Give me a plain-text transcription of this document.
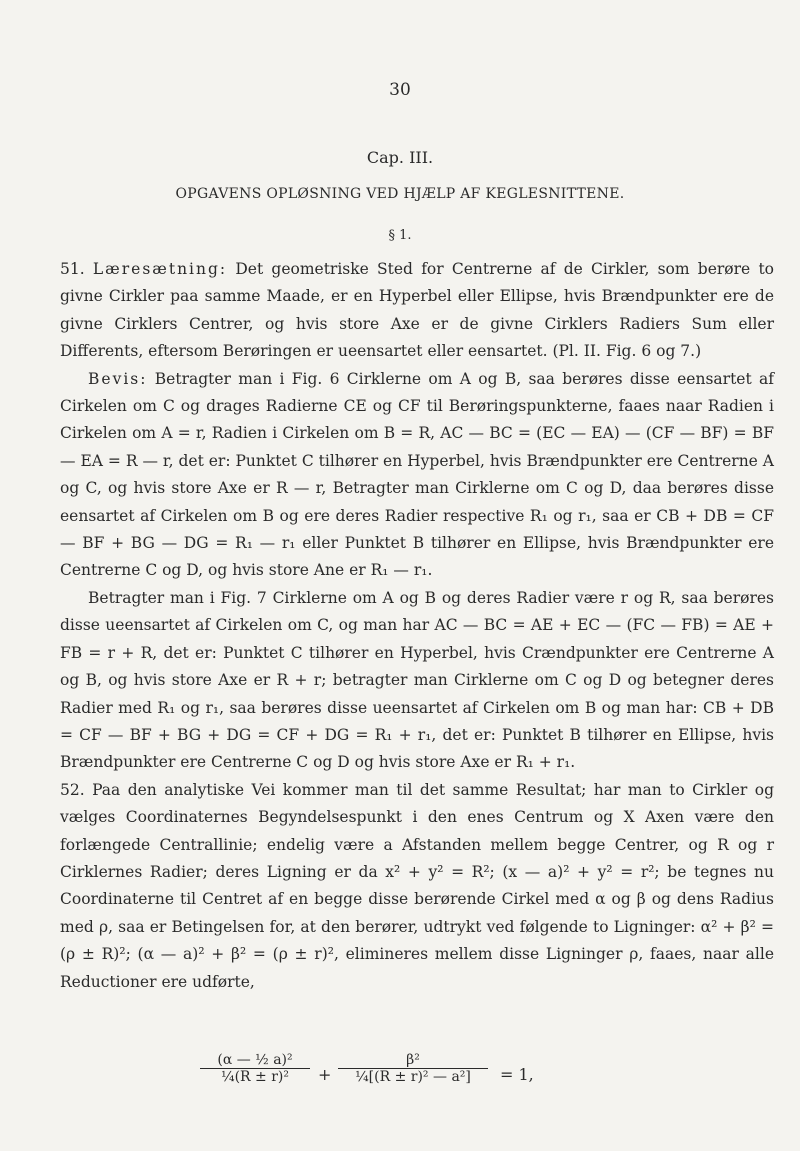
30
Cap. III.
OPGAVENS OPLØSNING VED HJÆLP AF KEGLESNITTENE.
§ 1.

51. Læresætning: Det geometriske Sted for Centrerne af de Cirkler, som berøre to givne Cirkler paa samme Maade, er en Hyperbel eller Ellipse, hvis Brændpunkter ere de givne Cirklers Centrer, og hvis store Axe er de givne Cirklers Radiers Sum eller Differents, eftersom Berøringen er ueensartet eller eensartet. (Pl. II. Fig. 6 og 7.)

Bevis: Betragter man i Fig. 6 Cirklerne om A og B, saa berøres disse eensartet af Cirkelen om C og drages Radierne CE og CF til Berøringspunkterne, faaes naar Radien i Cirkelen om A = r, Radien i Cirkelen om B = R, AC — BC = (EC — EA) — (CF — BF) = BF — EA = R — r, det er: Punktet C tilhører en Hyperbel, hvis Brændpunkter ere Centrerne A og C, og hvis store Axe er R — r, Betragter man Cirklerne om C og D, daa berøres disse eensartet af Cirkelen om B og ere deres Radier respective R₁ og r₁, saa er CB + DB = CF — BF + BG — DG = R₁ — r₁ eller Punktet B tilhører en Ellipse, hvis Brændpunkter ere Centrerne C og D, og hvis store Ane er R₁ — r₁.

Betragter man i Fig. 7 Cirklerne om A og B og deres Radier være r og R, saa berøres disse ueensartet af Cirkelen om C, og man har AC — BC = AE + EC — (FC — FB) = AE + FB = r + R, det er: Punktet C tilhører en Hyperbel, hvis Crændpunkter ere Centrerne A og B, og hvis store Axe er R + r; betragter man Cirklerne om C og D og betegner deres Radier med R₁ og r₁, saa berøres disse ueensartet af Cirkelen om B og man har: CB + DB = CF — BF + BG + DG = CF + DG = R₁ + r₁, det er: Punktet B tilhører en Ellipse, hvis Brændpunkter ere Centrerne C og D og hvis store Axe er R₁ + r₁.

52. Paa den analytiske Vei kommer man til det samme Resultat; har man to Cirkler og vælges Coordinaternes Begyndelsespunkt i den enes Centrum og X Axen være den forlængede Centrallinie; endelig være a Afstanden mellem begge Centrer, og R og r Cirklernes Radier; deres Ligning er da x² + y² = R²; (x — a)² + y² = r²; be tegnes nu Coordinaterne til Centret af en begge disse berørende Cirkel med α og β og dens Radius med ρ, saa er Betingelsen for, at den berører, udtrykt ved følgende to Ligninger: α² + β² = (ρ ± R)²; (α — a)² + β² = (ρ ± r)², elimineres mellem disse Ligninger ρ, faaes, naar alle Reductioner ere udførte,

$\frac{\text{(α — ½ a)²}}{\text{¼(R ± r)²}} + \frac{\text{β²}}{\text{¼[(R ± r)² — a²]}} = 1$,
